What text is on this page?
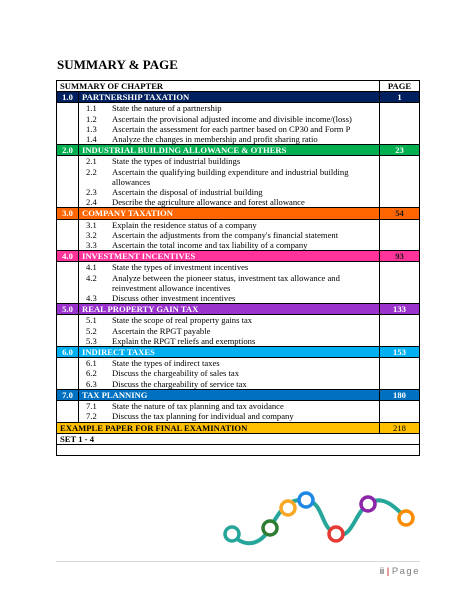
SUMMARY & PAGE
SUMMARY OF CHAPTER		PAGE
1.0	PARTNERSHIP TAXATION	1
	1.1 State the nature of a partnership	
	1.2 Ascertain the provisional adjusted income and divisible income/(loss)	
	1.3 Ascertain the assessment for each partner based on CP30 and Form P	
	1.4 Analyze the changes in membership and profit sharing ratio	
2.0	INDUSTRIAL BUILDING ALLOWANCE & OTHERS	23
	2.1 State the types of industrial buildings	
	2.2 Ascertain the qualifying building expenditure and industrial building allowances	
	2.3 Ascertain the disposal of industrial building	
	2.4 Describe the agriculture allowance and forest allowance	
3.0	COMPANY TAXATION	54
	3.1 Explain the residence status of a company	
	3.2 Ascertain the adjustments from the company's financial statement	
	3.3 Ascertain the total income and tax liability of a company	
4.0	INVESTMENT INCENTIVES	93
	4.1 State the types of investment incentives	
	4.2 Analyze between the pioneer status, investment tax allowance and reinvestment allowance incentives	
	4.3 Discuss other investment incentives	
5.0	REAL PROPERTY GAIN TAX	133
	5.1 State the scope of real property gains tax	
	5.2 Ascertain the RPGT payable	
	5.3 Explain the RPGT reliefs and exemptions	
6.0	INDIRECT TAXES	153
	6.1 State the types of indirect taxes	
	6.2 Discuss the chargeability of sales tax	
	6.3 Discuss the chargeability of service tax	
7.0	TAX PLANNING	180
	7.1 State the nature of tax planning and tax avoidance	
	7.2 Discuss the tax planning for individual and company	
EXAMPLE PAPER FOR FINAL EXAMINATION		218
SET 1 - 4		

ii | Page
